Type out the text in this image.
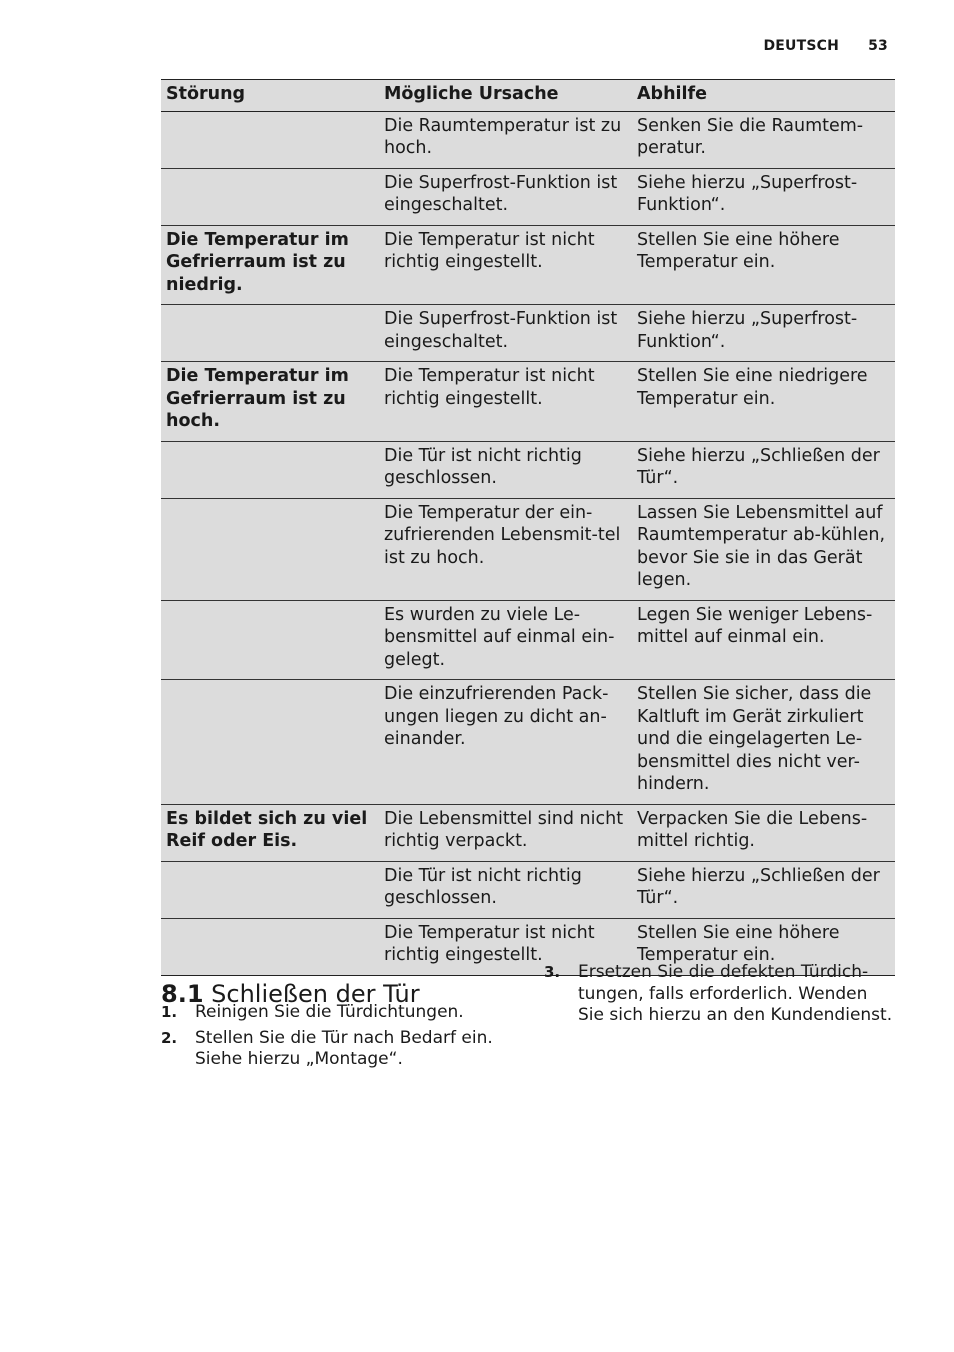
DEUTSCH 53
Störung	Mögliche Ursache	Abhilfe
	Die Raumtemperatur ist zu hoch.	Senken Sie die Raumtem-peratur.
	Die Superfrost-Funktion ist eingeschaltet.	Siehe hierzu „Superfrost-Funktion“.
Die Temperatur im Gefrierraum ist zu niedrig.	Die Temperatur ist nicht richtig eingestellt.	Stellen Sie eine höhere Temperatur ein.
	Die Superfrost-Funktion ist eingeschaltet.	Siehe hierzu „Superfrost-Funktion“.
Die Temperatur im Gefrierraum ist zu hoch.	Die Temperatur ist nicht richtig eingestellt.	Stellen Sie eine niedrigere Temperatur ein.
	Die Tür ist nicht richtig geschlossen.	Siehe hierzu „Schließen der Tür“.
	Die Temperatur der ein-zufrierenden Lebensmit-tel ist zu hoch.	Lassen Sie Lebensmittel auf Raumtemperatur ab-kühlen, bevor Sie sie in das Gerät legen.
	Es wurden zu viele Le-bensmittel auf einmal ein-gelegt.	Legen Sie weniger Lebens-mittel auf einmal ein.
	Die einzufrierenden Pack-ungen liegen zu dicht an-einander.	Stellen Sie sicher, dass die Kaltluft im Gerät zirkuliert und die eingelagerten Le-bensmittel dies nicht ver-hindern.
Es bildet sich zu viel Reif oder Eis.	Die Lebensmittel sind nicht richtig verpackt.	Verpacken Sie die Lebens-mittel richtig.
	Die Tür ist nicht richtig geschlossen.	Siehe hierzu „Schließen der Tür“.
	Die Temperatur ist nicht richtig eingestellt.	Stellen Sie eine höhere Temperatur ein.
8.1 Schließen der Tür
1.	Reinigen Sie die Türdichtungen.
2.	Stellen Sie die Tür nach Bedarf ein. Siehe hierzu „Montage“.
3.	Ersetzen Sie die defekten Türdich-tungen, falls erforderlich. Wenden Sie sich hierzu an den Kundendienst.
